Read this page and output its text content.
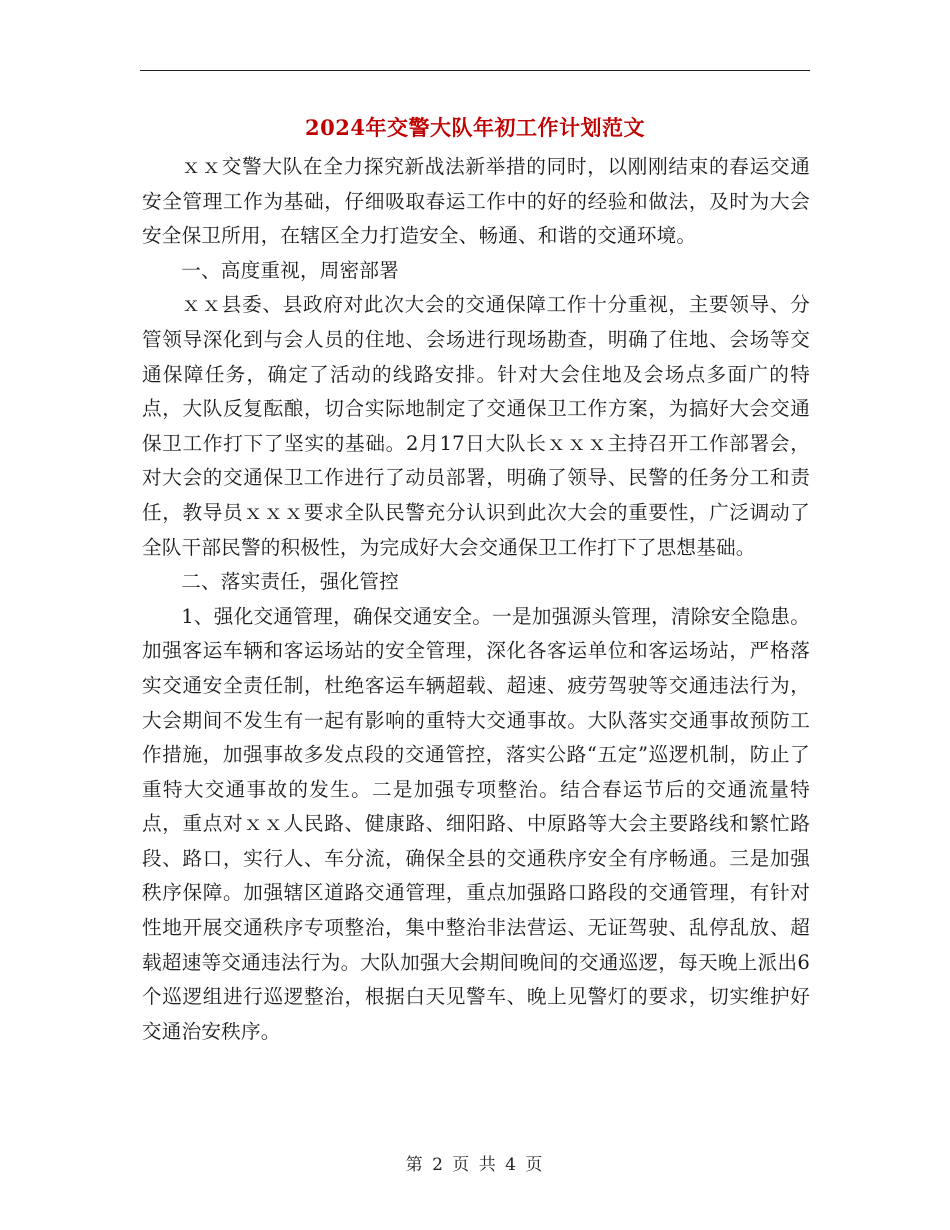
2024年交警大队年初工作计划范文

ｘｘ交警大队在全力探究新战法新举措的同时，以刚刚结束的春运交通安全管理工作为基础，仔细吸取春运工作中的好的经验和做法，及时为大会安全保卫所用，在辖区全力打造安全、畅通、和谐的交通环境。

一、高度重视，周密部署

ｘｘ县委、县政府对此次大会的交通保障工作十分重视，主要领导、分管领导深化到与会人员的住地、会场进行现场勘查，明确了住地、会场等交通保障任务，确定了活动的线路安排。针对大会住地及会场点多面广的特点，大队反复酝酿，切合实际地制定了交通保卫工作方案，为搞好大会交通保卫工作打下了坚实的基础。2月17日大队长ｘｘｘ主持召开工作部署会，对大会的交通保卫工作进行了动员部署，明确了领导、民警的任务分工和责任，教导员ｘｘｘ要求全队民警充分认识到此次大会的重要性，广泛调动了全队干部民警的积极性，为完成好大会交通保卫工作打下了思想基础。

二、落实责任，强化管控

1、强化交通管理，确保交通安全。一是加强源头管理，清除安全隐患。加强客运车辆和客运场站的安全管理，深化各客运单位和客运场站，严格落实交通安全责任制，杜绝客运车辆超载、超速、疲劳驾驶等交通违法行为，大会期间不发生有一起有影响的重特大交通事故。大队落实交通事故预防工作措施，加强事故多发点段的交通管控，落实公路“五定”巡逻机制，防止了重特大交通事故的发生。二是加强专项整治。结合春运节后的交通流量特点，重点对ｘｘ人民路、健康路、细阳路、中原路等大会主要路线和繁忙路段、路口，实行人、车分流，确保全县的交通秩序安全有序畅通。三是加强秩序保障。加强辖区道路交通管理，重点加强路口路段的交通管理，有针对性地开展交通秩序专项整治，集中整治非法营运、无证驾驶、乱停乱放、超载超速等交通违法行为。大队加强大会期间晚间的交通巡逻，每天晚上派出6个巡逻组进行巡逻整治，根据白天见警车、晚上见警灯的要求，切实维护好交通治安秩序。

第 2 页 共 4 页
